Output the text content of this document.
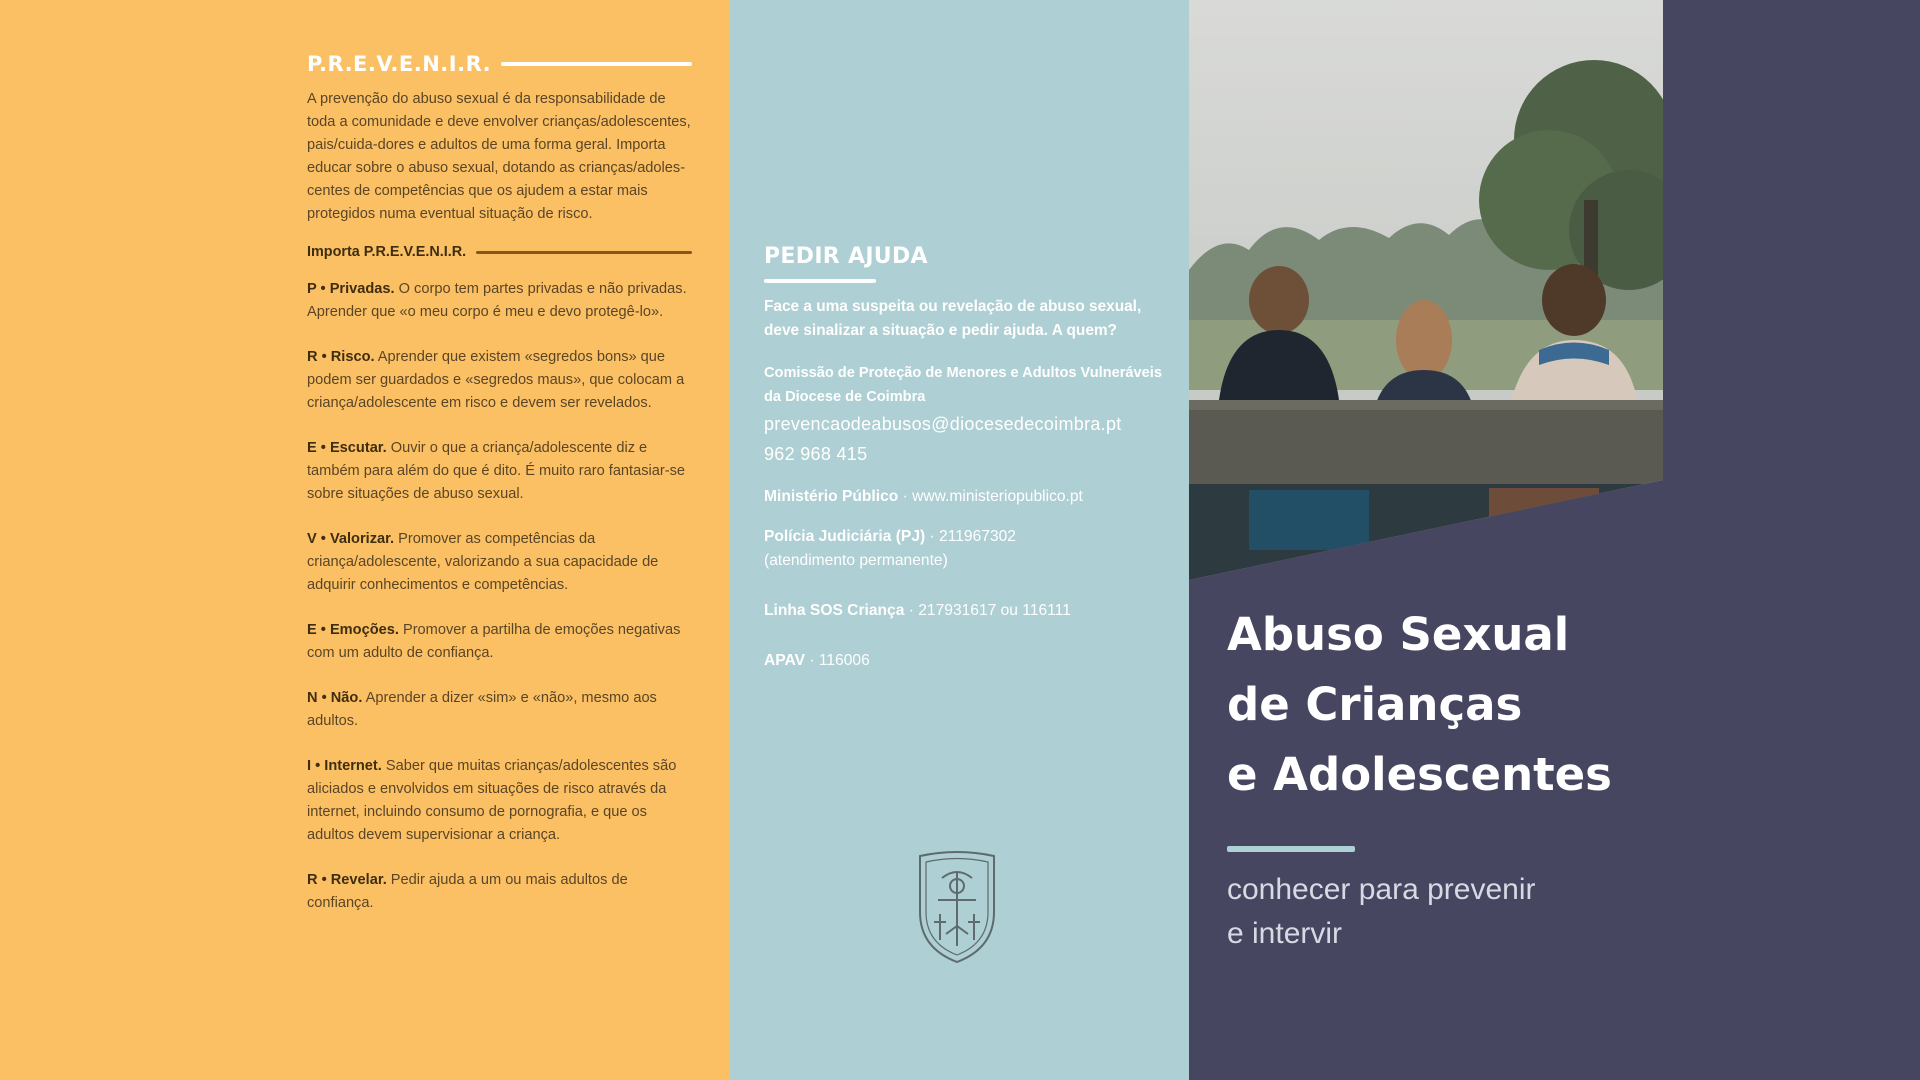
P.R.E.V.E.N.I.R.

A prevenção do abuso sexual é da responsabilidade de toda a comunidade e deve envolver crianças/adolescentes, pais/cuida-dores e adultos de uma forma geral. Importa educar sobre o abuso sexual, dotando as crianças/adoles-centes de competências que os ajudem a estar mais protegidos numa eventual situação de risco.

Importa P.R.E.V.E.N.I.R.

P • Privadas. O corpo tem partes privadas e não privadas. Aprender que «o meu corpo é meu e devo protegê-lo».

R • Risco. Aprender que existem «segredos bons» que podem ser guardados e «segredos maus», que colocam a criança/adolescente em risco e devem ser revelados.

E • Escutar. Ouvir o que a criança/adolescente diz e também para além do que é dito. É muito raro fantasiar-se sobre situações de abuso sexual.

V • Valorizar. Promover as competências da criança/adolescente, valorizando a sua capacidade de adquirir conhecimentos e competências.

E • Emoções. Promover a partilha de emoções negativas com um adulto de confiança.

N • Não. Aprender a dizer «sim» e «não», mesmo aos adultos.

I • Internet. Saber que muitas crianças/adolescentes são aliciados e envolvidos em situações de risco através da internet, incluindo consumo de pornografia, e que os adultos devem supervisionar a criança.

R • Revelar. Pedir ajuda a um ou mais adultos de confiança.

PEDIR AJUDA

Face a uma suspeita ou revelação de abuso sexual, deve sinalizar a situação e pedir ajuda. A quem?

Comissão de Proteção de Menores e Adultos Vulneráveis da Diocese de Coimbra

prevencaodeabusos@diocesedecoimbra.pt
962 968 415

Ministério Público · www.ministeriopublico.pt

Polícia Judiciária (PJ) · 211967302
(atendimento permanente)

Linha SOS Criança · 217931617 ou 116111

APAV · 116006	Abuso Sexual
de Crianças
e Adolescentes
conhecer para prevenir
e intervir
